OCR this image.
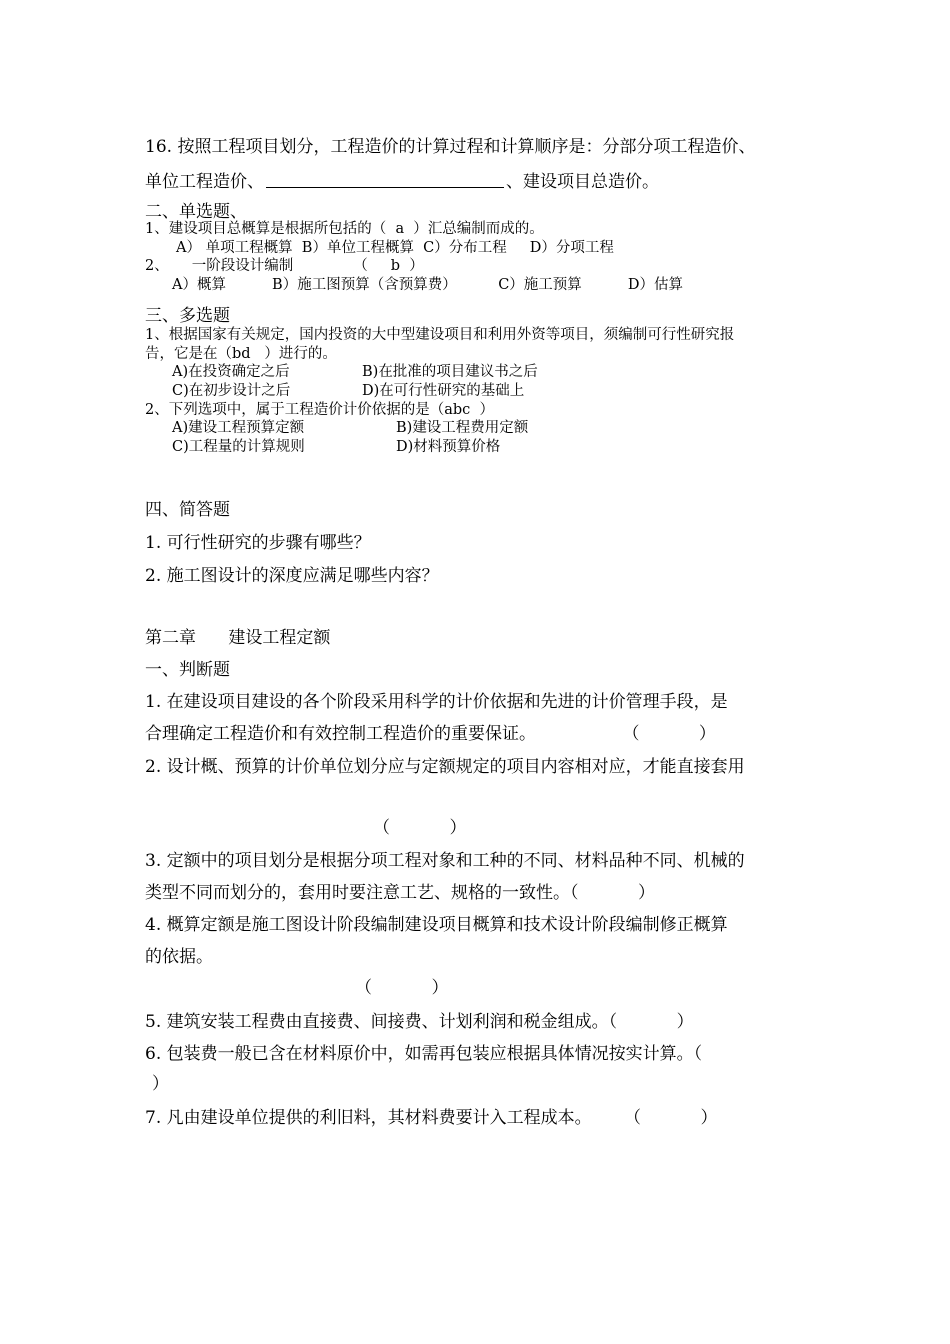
16. 按照工程项目划分，工程造价的计算过程和计算顺序是：分部分项工程造价、
单位工程造价、	、建设项目总造价。
二、单选题、
1、建设项目总概算是根据所包括的（  a  ）汇总编制而成的。
A） 单项工程概算  B）单位工程概算  C）分布工程     D）分项工程
2、     一阶段设计编制             （     b  ）
A）概算          B）施工图预算（含预算费）         C）施工预算          D）估算
三、多选题
1、根据国家有关规定，国内投资的大中型建设项目和利用外资等项目，须编制可行性研究报
告，它是在（bd   ）进行的。
A)在投资确定之后	B)在批准的项目建议书之后
C)在初步设计之后	D)在可行性研究的基础上
2、下列选项中，属于工程造价计价依据的是（abc  ）
A)建设工程预算定额	B)建设工程费用定额
C)工程量的计算规则	D)材料预算价格
四、简答题
1. 可行性研究的步骤有哪些？
2. 施工图设计的深度应满足哪些内容？
第二章      建设工程定额
一、判断题
1. 在建设项目建设的各个阶段采用科学的计价依据和先进的计价管理手段，是
合理确定工程造价和有效控制工程造价的重要保证。                （           ）
2. 设计概、预算的计价单位划分应与定额规定的项目内容相对应，才能直接套用
（           ）
3. 定额中的项目划分是根据分项工程对象和工种的不同、材料品种不同、机械的
类型不同而划分的，套用时要注意工艺、规格的一致性。（           ）
4. 概算定额是施工图设计阶段编制建设项目概算和技术设计阶段编制修正概算
的依据。
（           ）
5. 建筑安装工程费由直接费、间接费、计划利润和税金组成。（           ）
6. 包装费一般已含在材料原价中，如需再包装应根据具体情况按实计算。（
）
7. 凡由建设单位提供的利旧料，其材料费要计入工程成本。      （           ）
